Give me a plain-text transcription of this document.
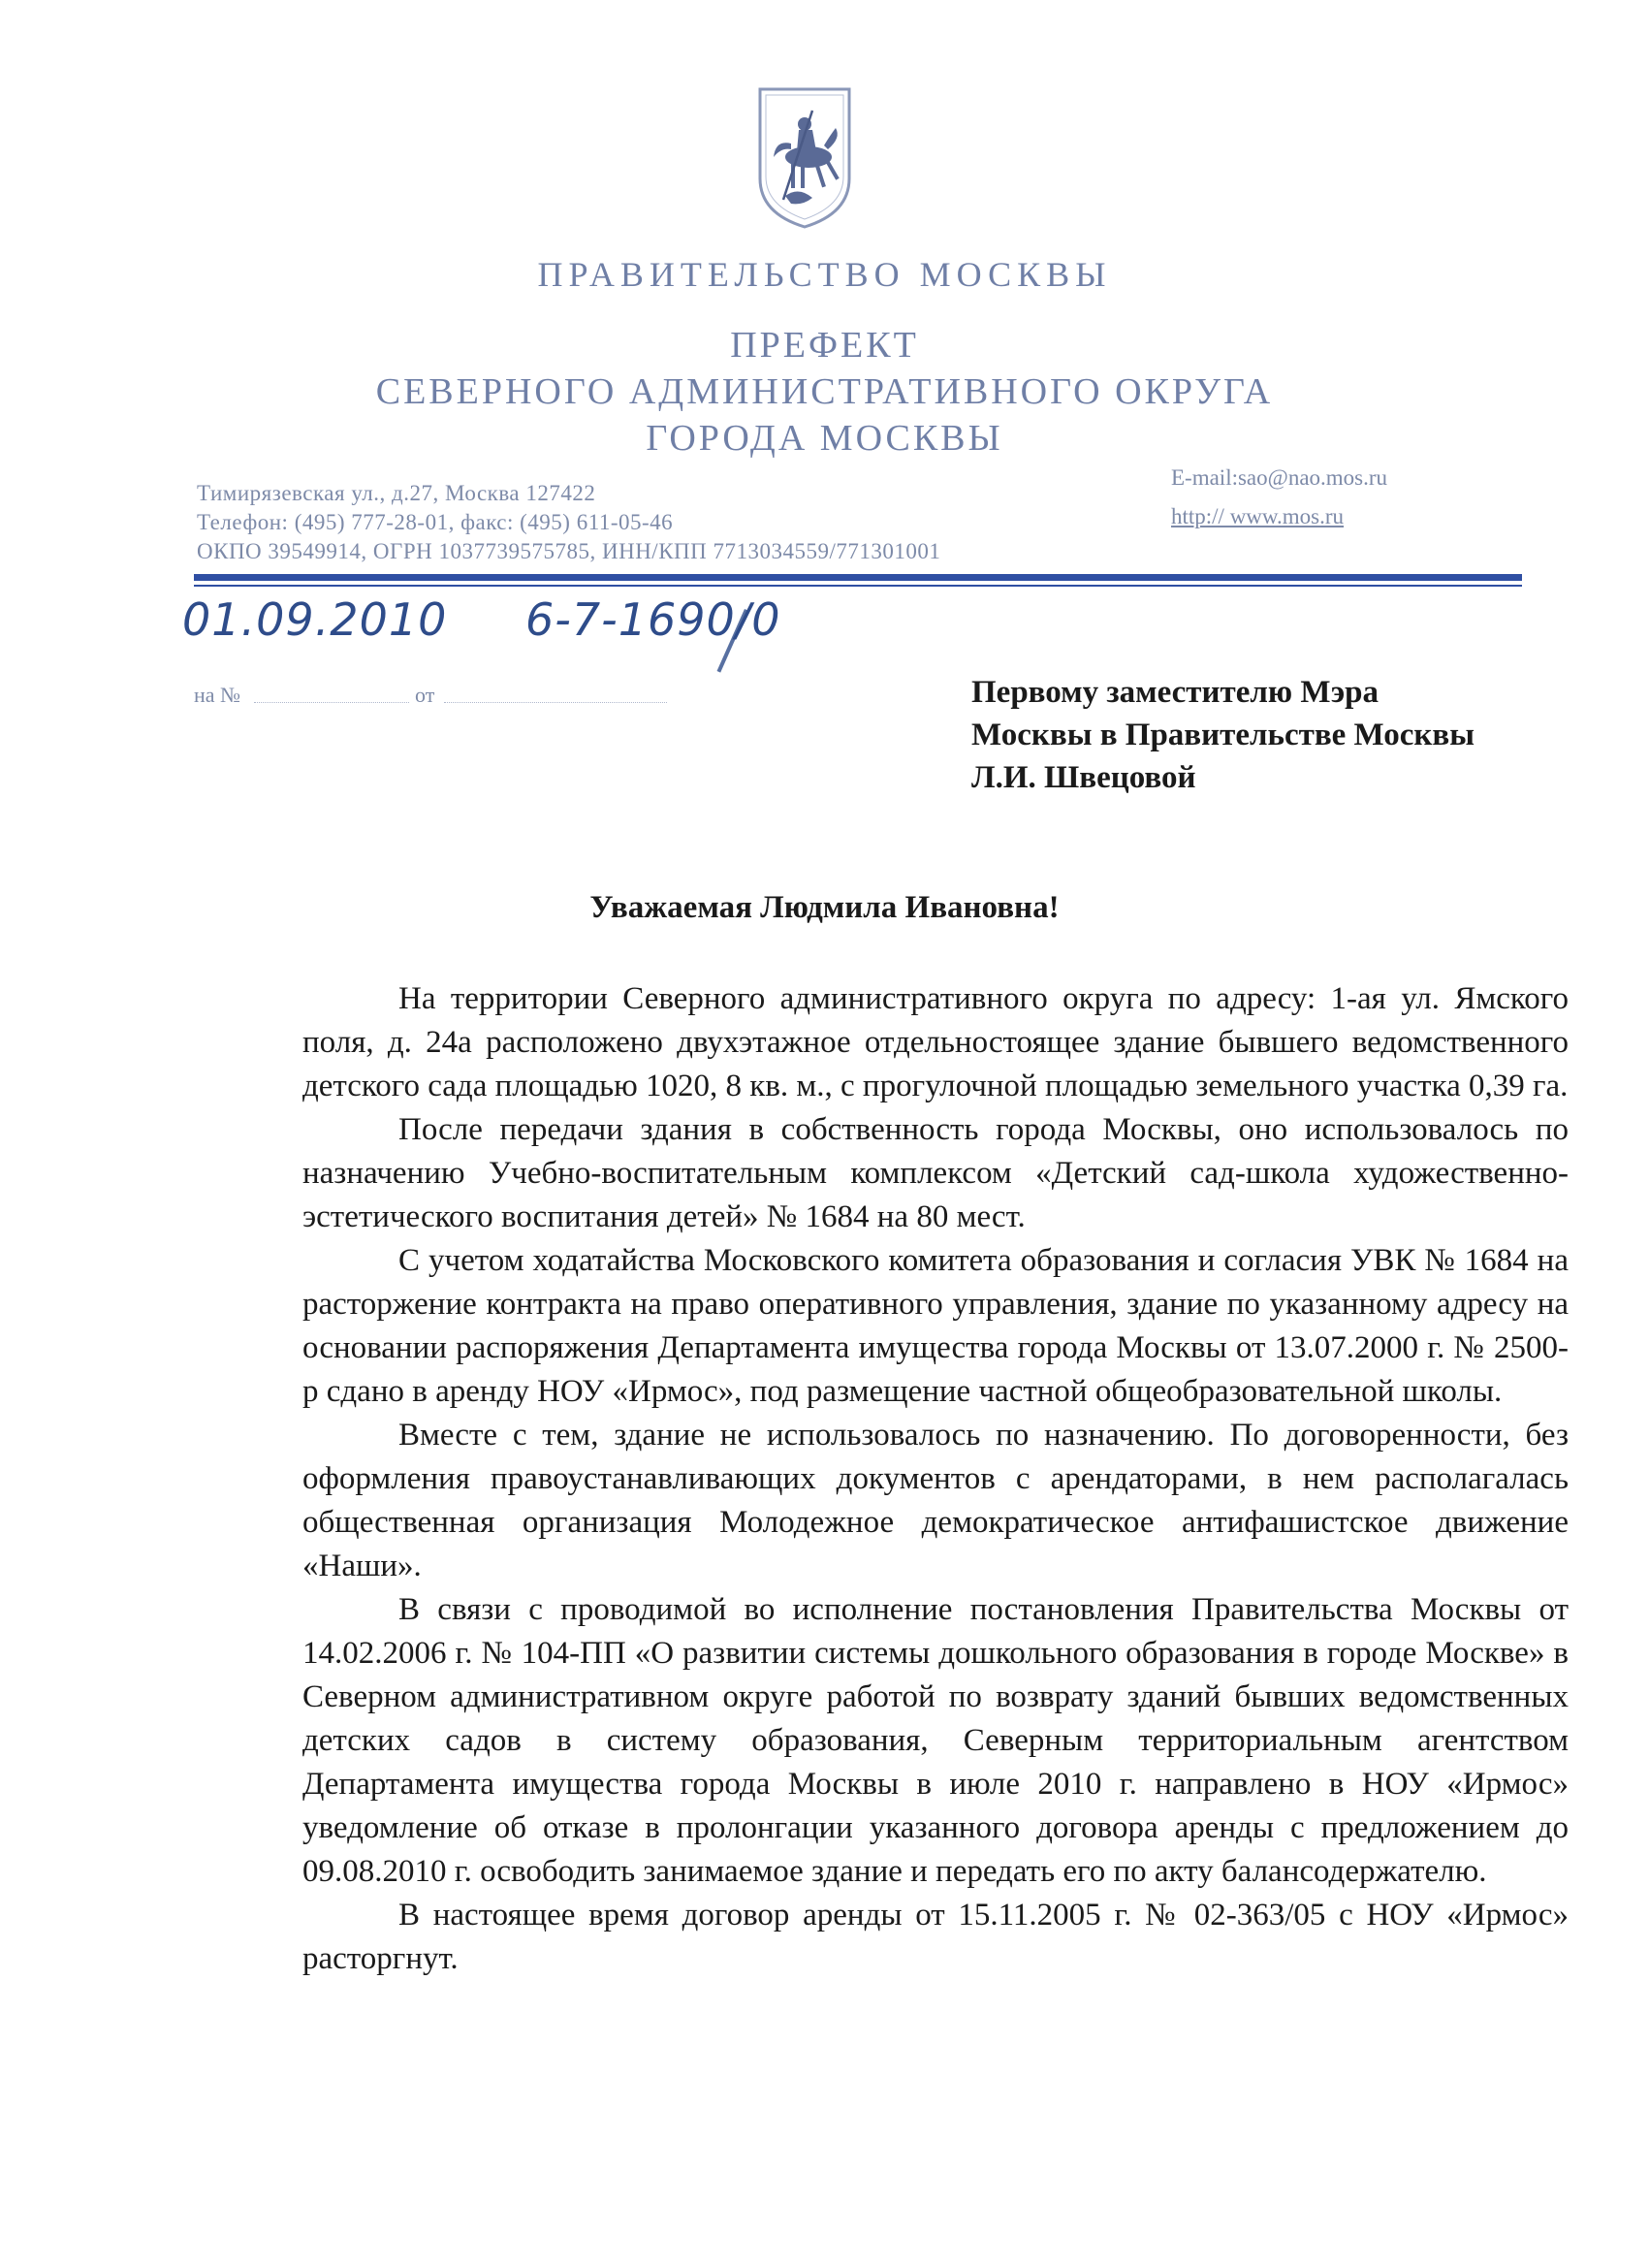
ПРАВИТЕЛЬСТВО МОСКВЫ
ПРЕФЕКТ
СЕВЕРНОГО АДМИНИСТРАТИВНОГО ОКРУГА
ГОРОДА МОСКВЫ
Тимирязевская ул., д.27, Москва 127422
Телефон: (495) 777-28-01, факс: (495) 611-05-46
ОКПО 39549914, ОГРН 1037739575785, ИНН/КПП 7713034559/771301001
E-mail:sao@nao.mos.ru
http:// www.mos.ru
01.09.2010 6-7-1690/0
на №	от	Первому заместителю Мэра
Москвы в Правительстве Москвы
Л.И. Швецовой
Уважаемая Людмила Ивановна!

На территории Северного административного округа по адресу: 1-ая ул. Ямского поля, д. 24а расположено двухэтажное отдельностоящее здание бывшего ведомственного детского сада площадью 1020, 8 кв. м., с прогулочной площадью земельного участка 0,39 га.

После передачи здания в собственность города Москвы, оно использовалось по назначению Учебно-воспитательным комплексом «Детский сад-школа художественно-эстетического воспитания детей» № 1684 на 80 мест.

С учетом ходатайства Московского комитета образования и согласия УВК № 1684 на расторжение контракта на право оперативного управления, здание по указанному адресу на основании распоряжения Департамента имущества города Москвы от 13.07.2000 г. № 2500-р сдано в аренду НОУ «Ирмос», под размещение частной общеобразовательной школы.

Вместе с тем, здание не использовалось по назначению. По договоренности, без оформления правоустанавливающих документов с арендаторами, в нем располагалась общественная организация Молодежное демократическое антифашистское движение «Наши».

В связи с проводимой во исполнение постановления Правительства Москвы от 14.02.2006 г. № 104-ПП «О развитии системы дошкольного образования в городе Москве» в Северном административном округе работой по возврату зданий бывших ведомственных детских садов в систему образования, Северным территориальным агентством Департамента имущества города Москвы в июле 2010 г. направлено в НОУ «Ирмос» уведомление об отказе в пролонгации указанного договора аренды с предложением до 09.08.2010 г. освободить занимаемое здание и передать его по акту балансодержателю.

В настоящее время договор аренды от 15.11.2005 г. № 02-363/05 с НОУ «Ирмос» расторгнут.
